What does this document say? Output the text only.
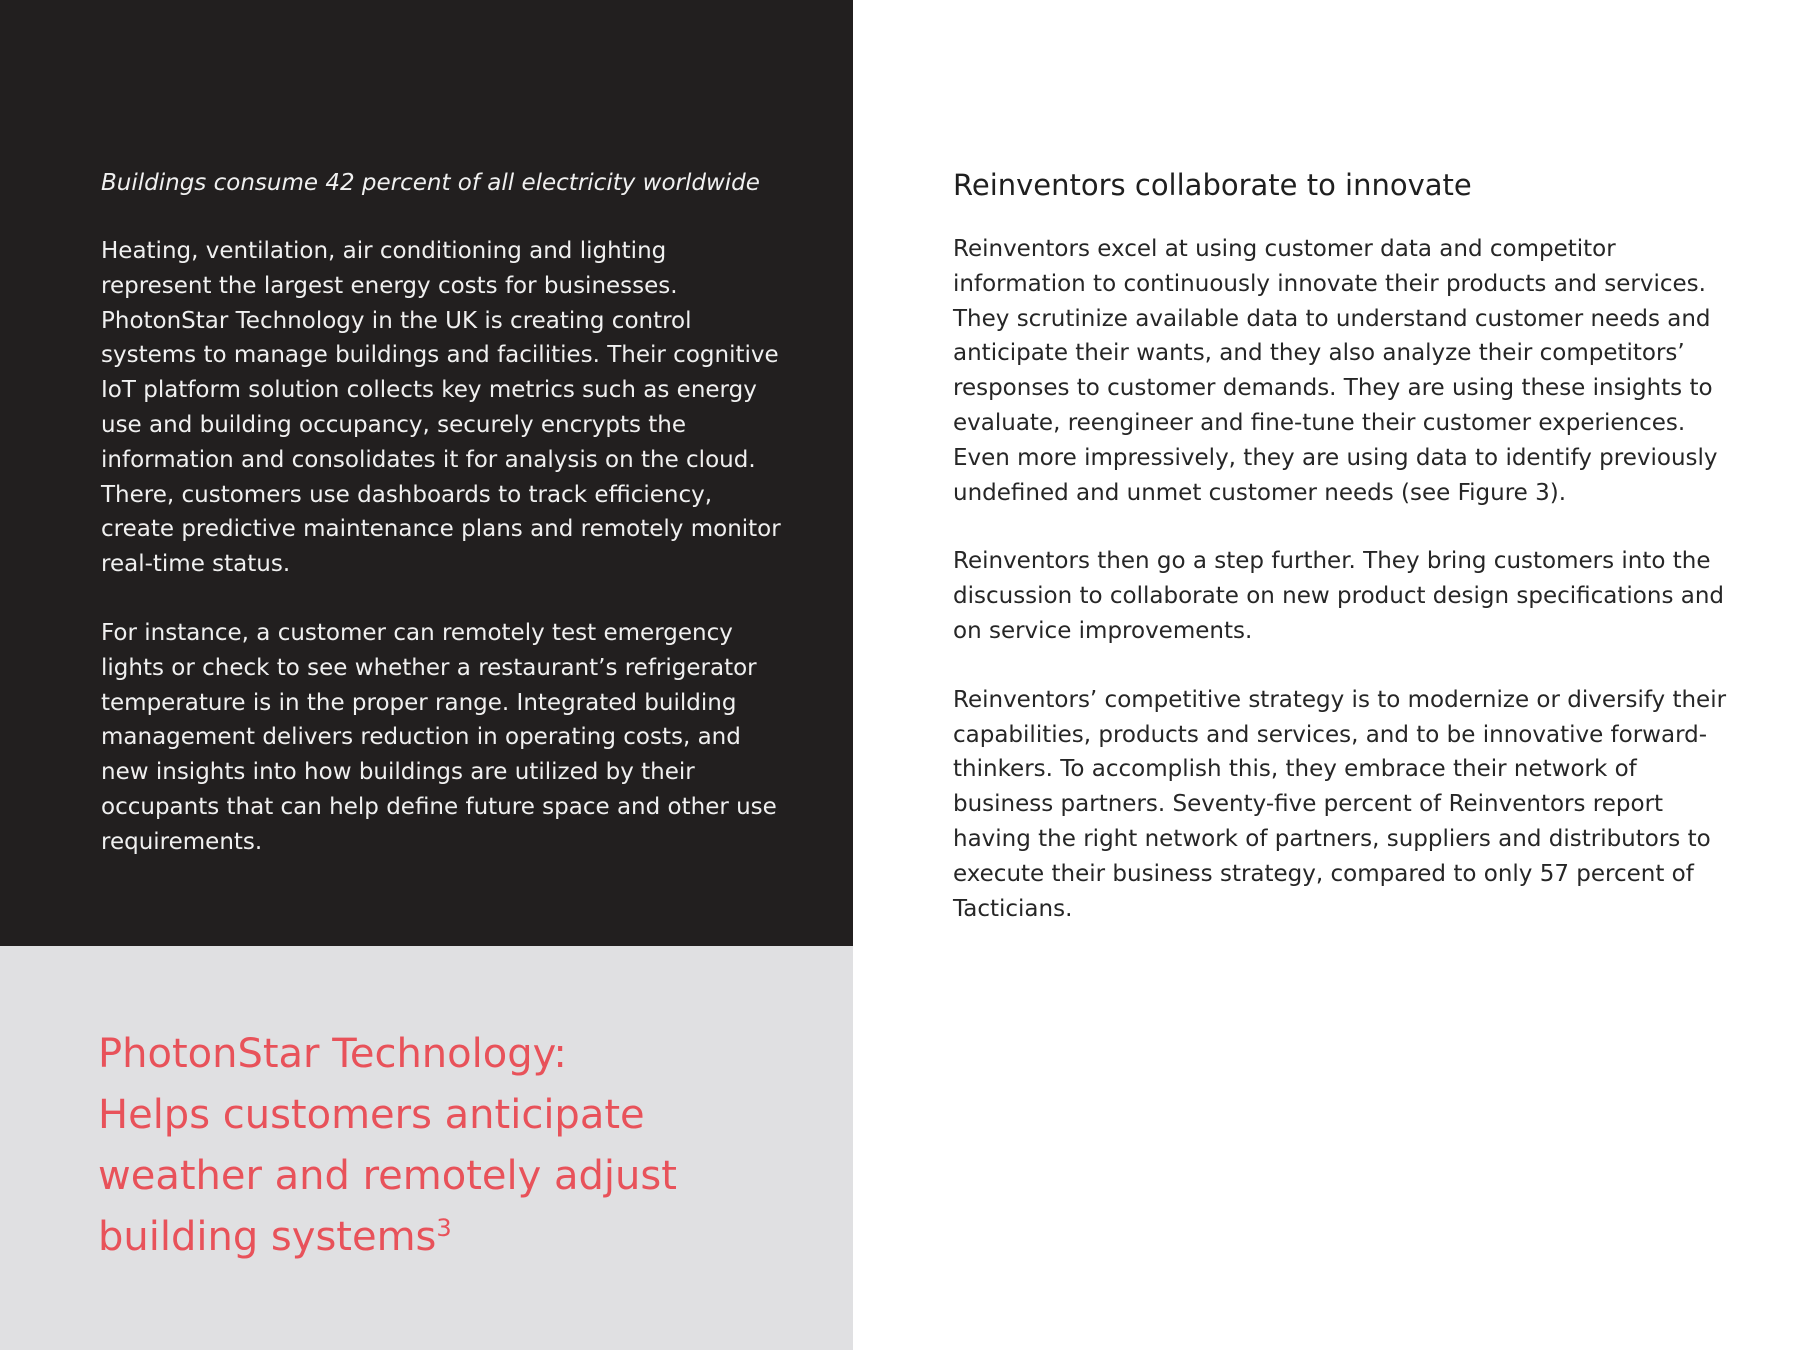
Buildings consume 42 percent of all electricity worldwide

Heating, ventilation, air conditioning and lighting represent the largest energy costs for businesses. PhotonStar Technology in the UK is creating control systems to manage buildings and facilities. Their cognitive IoT platform solution collects key metrics such as energy use and building occupancy, securely encrypts the information and consolidates it for analysis on the cloud. There, customers use dashboards to track efficiency, create predictive maintenance plans and remotely monitor real-time status.

For instance, a customer can remotely test emergency lights or check to see whether a restaurant’s refrigerator temperature is in the proper range. Integrated building management delivers reduction in operating costs, and new insights into how buildings are utilized by their occupants that can help define future space and other use requirements.

PhotonStar Technology:
Helps customers anticipate
weather and remotely adjust
building systems$^3$
Reinventors collaborate to innovate

Reinventors excel at using customer data and competitor information to continuously innovate their products and services. They scrutinize available data to understand customer needs and anticipate their wants, and they also analyze their competitors’ responses to customer demands. They are using these insights to evaluate, reengineer and fine-tune their customer experiences. Even more impressively, they are using data to identify previously undefined and unmet customer needs (see Figure 3).

Reinventors then go a step further. They bring customers into the discussion to collaborate on new product design specifications and on service improvements.

Reinventors’ competitive strategy is to modernize or diversify their capabilities, products and services, and to be innovative forward-thinkers. To accomplish this, they embrace their network of business partners. Seventy-five percent of Reinventors report having the right network of partners, suppliers and distributors to execute their business strategy, compared to only 57 percent of Tacticians.
